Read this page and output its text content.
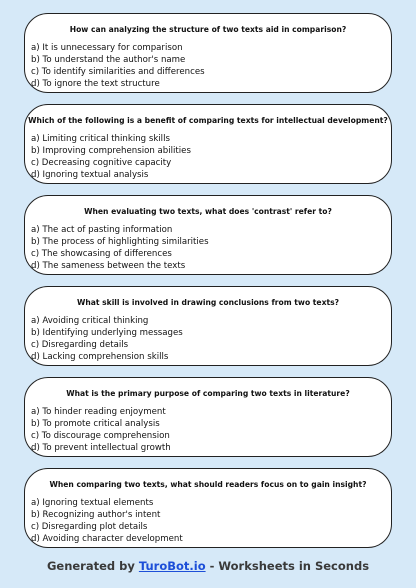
How can analyzing the structure of two texts aid in comparison?
a) It is unnecessary for comparison
b) To understand the author's name
c) To identify similarities and differences
d) To ignore the text structure
Which of the following is a benefit of comparing texts for intellectual development?
a) Limiting critical thinking skills
b) Improving comprehension abilities
c) Decreasing cognitive capacity
d) Ignoring textual analysis
When evaluating two texts, what does 'contrast' refer to?
a) The act of pasting information
b) The process of highlighting similarities
c) The showcasing of differences
d) The sameness between the texts
What skill is involved in drawing conclusions from two texts?
a) Avoiding critical thinking
b) Identifying underlying messages
c) Disregarding details
d) Lacking comprehension skills
What is the primary purpose of comparing two texts in literature?
a) To hinder reading enjoyment
b) To promote critical analysis
c) To discourage comprehension
d) To prevent intellectual growth
When comparing two texts, what should readers focus on to gain insight?
a) Ignoring textual elements
b) Recognizing author's intent
c) Disregarding plot details
d) Avoiding character development
Generated by TuroBot.io - Worksheets in Seconds
